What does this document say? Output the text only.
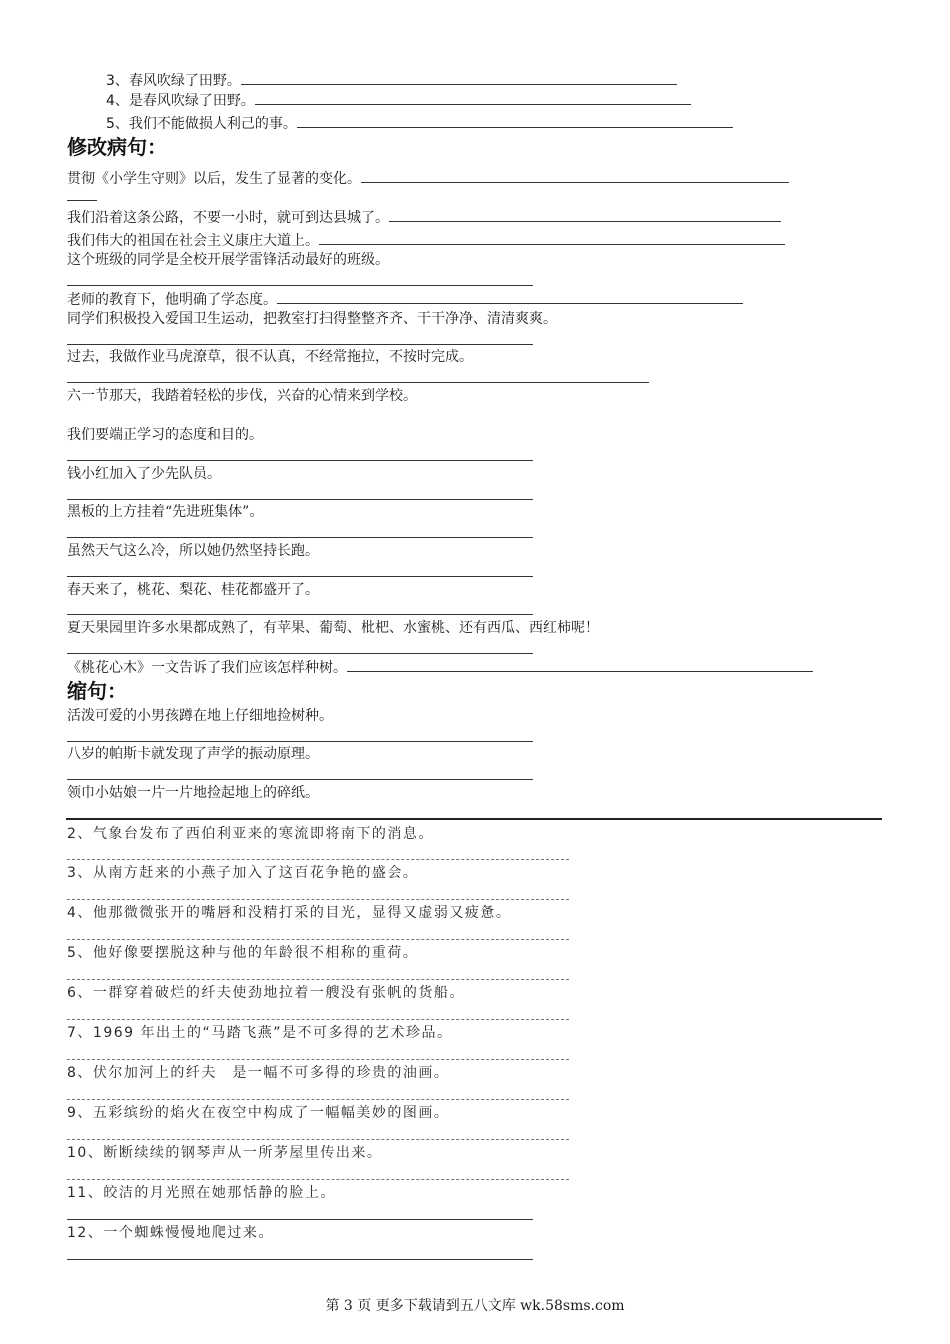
3、春风吹绿了田野。
4、是春风吹绿了田野。
5、我们不能做损人利己的事。
修改病句：
贯彻《小学生守则》以后，发生了显著的变化。
我们沿着这条公路，不要一小时，就可到达县城了。
我们伟大的祖国在社会主义康庄大道上。
这个班级的同学是全校开展学雷锋活动最好的班级。
老师的教育下，他明确了学态度。
同学们积极投入爱国卫生运动，把教室打扫得整整齐齐、干干净净、清清爽爽。
过去，我做作业马虎潦草，很不认真，不经常拖拉，不按时完成。
六一节那天，我踏着轻松的步伐，兴奋的心情来到学校。
我们要端正学习的态度和目的。
钱小红加入了少先队员。
黑板的上方挂着“先进班集体”。
虽然天气这么冷，所以她仍然坚持长跑。
春天来了，桃花、梨花、桂花都盛开了。
夏天果园里许多水果都成熟了，有苹果、葡萄、枇杷、水蜜桃、还有西瓜、西红柿呢！
《桃花心木》一文告诉了我们应该怎样种树。
缩句：
活泼可爱的小男孩蹲在地上仔细地捡树种。
八岁的帕斯卡就发现了声学的振动原理。
领巾小姑娘一片一片地捡起地上的碎纸。
2、气象台发布了西伯利亚来的寒流即将南下的消息。
3、从南方赶来的小燕子加入了这百花争艳的盛会。
4、他那微微张开的嘴唇和没精打采的目光，显得又虚弱又疲惫。
5、他好像要摆脱这种与他的年龄很不相称的重荷。
6、一群穿着破烂的纤夫使劲地拉着一艘没有张帆的货船。
7、1969 年出土的“马踏飞燕”是不可多得的艺术珍品。
8、伏尔加河上的纤夫　是一幅不可多得的珍贵的油画。
9、五彩缤纷的焰火在夜空中构成了一幅幅美妙的图画。
10、断断续续的钢琴声从一所茅屋里传出来。
11、皎洁的月光照在她那恬静的脸上。
12、一个蜘蛛慢慢地爬过来。
第 3 页 更多下载请到五八文库 wk.58sms.com
